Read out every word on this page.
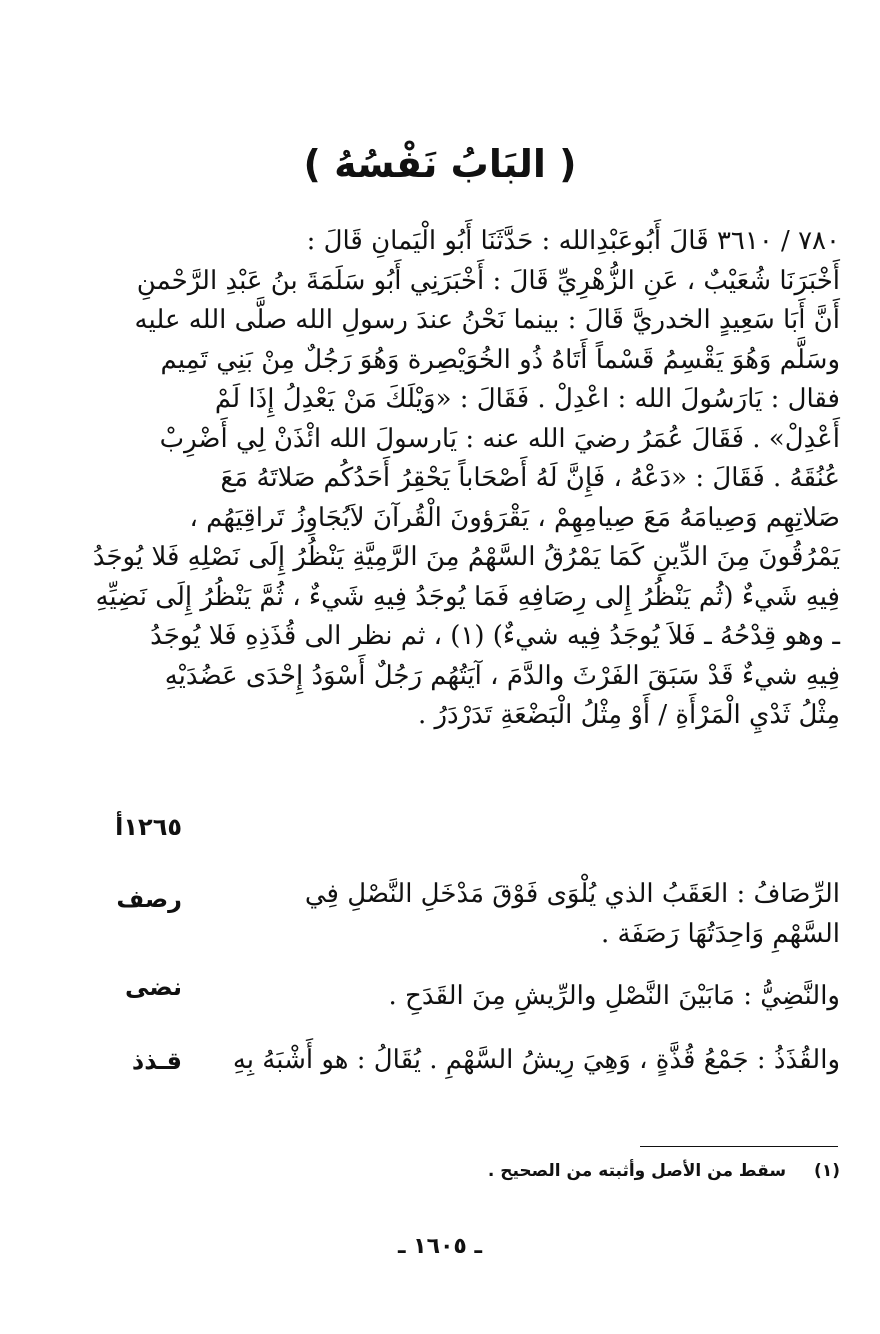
( البَابُ نَفْسُهُ )
٧٨٠ / ٣٦١٠ قَالَ أَبُوعَبْدِالله : حَدَّثَنَا أَبُو الْيَمانِ قَالَ :
أَخْبَرَنَا شُعَيْبٌ ، عَنِ الزُّهْرِيِّ قَالَ : أَخْبَرَنِي أَبُو سَلَمَةَ بنُ عَبْدِ الرَّحْمنِ
أَنَّ أَبَا سَعِيدٍ الخدريَّ قَالَ : بينما نَحْنُ عندَ رسولِ الله صلَّى الله عليه
وسَلَّم وَهُوَ يَقْسِمُ قَسْماً أَتَاهُ ذُو الخُوَيْصِرة وَهُوَ رَجُلٌ مِنْ بَنِي تَمِيم
فقال : يَارَسُولَ الله : اعْدِلْ . فَقَالَ : «وَيْلَكَ مَنْ يَعْدِلُ إِذَا لَمْ
أَعْدِلْ» . فَقَالَ عُمَرُ رضيَ الله عنه : يَارسولَ الله ائْذَنْ لِي أَضْرِبْ
عُنُقَهُ . فَقَالَ : «دَعْهُ ، فَإِنَّ لَهُ أَصْحَاباً يَحْقِرُ أَحَدُكُم صَلاتَهُ مَعَ
صَلاتِهِم وَصِيامَهُ مَعَ صِيامِهِمْ ، يَقْرَؤونَ الْقُرآنَ لاَيُجَاوِزُ تَراقِيَهُم ،
يَمْرُقُونَ مِنَ الدِّينِ كَمَا يَمْرُقُ السَّهْمُ مِنَ الرَّمِيَّةِ يَنْظُرُ إِلَى نَصْلِهِ فَلا يُوجَدُ
فِيهِ شَيءٌ (ثُم يَنْظُرُ إِلى رِصَافِهِ فَمَا يُوجَدُ فِيهِ شَيءٌ ، ثُمَّ يَنْظُرُ إِلَى نَضِيِّهِ
ـ وهو قِدْحُهُ ـ فَلاَ يُوجَدُ فِيه شيءٌ) (١) ، ثم نظر الى قُذَذِهِ فَلا يُوجَدُ
فِيهِ شيءٌ قَدْ سَبَقَ الفَرْثَ والدَّمَ ، آيَتُهُم رَجُلٌ أَسْوَدُ إِحْدَى عَضُدَيْهِ
مِثْلُ ثَدْيِ الْمَرْأَةِ / أَوْ مِثْلُ الْبَضْعَةِ تَدَرْدَرُ .
١٢٦٥أ
رصف	الرِّصَافُ : العَقَبُ الذي يُلْوَى فَوْقَ مَدْخَلِ النَّصْلِ فِي
السَّهْمِ وَاحِدَتُهَا رَصَفَة .
نضى	والنَّضِيُّ : مَابَيْنَ النَّصْلِ والرِّيشِ مِنَ القَدَحِ .
قـذذ	والقُذَذُ : جَمْعُ قُذَّةٍ ، وَهِيَ رِيشُ السَّهْمِ . يُقَالُ : هو أَشْبَهُ بِهِ
(١)سقط من الأصل وأثبته من الصحيح .
ـ ١٦٠٥ ـ
